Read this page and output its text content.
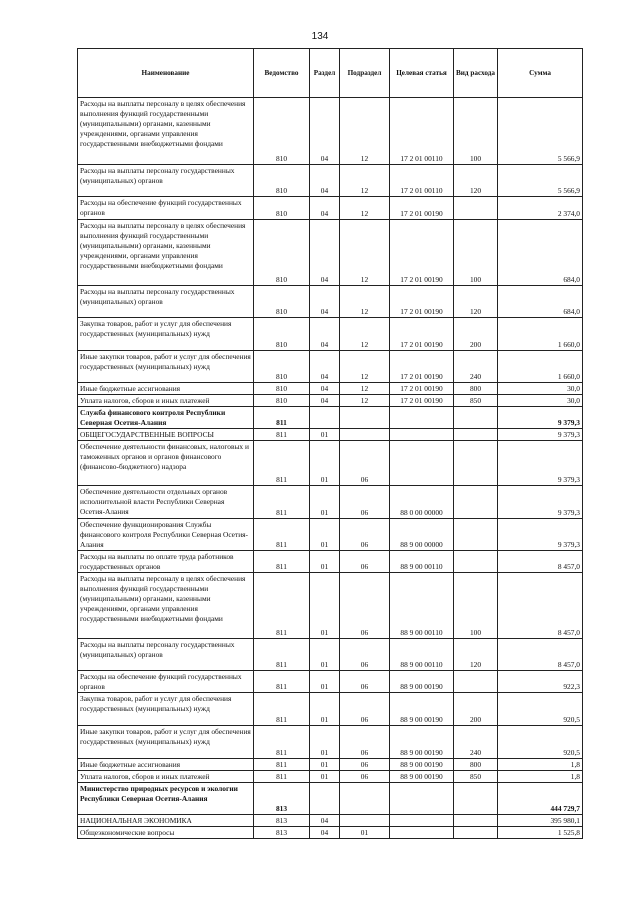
134
Наименование	Ведомство	Раздел	Подраздел	Целевая статья	Вид расхода	Сумма
Расходы на выплаты персоналу в целях обеспечения выполнения функций государственными (муниципальными) органами, казенными учреждениями, органами управления государственными внебюджетными фондами	810	04	12	17 2 01 00110	100	5 566,9
Расходы на выплаты персоналу государственных (муниципальных) органов	810	04	12	17 2 01 00110	120	5 566,9
Расходы на обеспечение функций государственных органов	810	04	12	17 2 01 00190		2 374,0
Расходы на выплаты персоналу в целях обеспечения выполнения функций государственными (муниципальными) органами, казенными учреждениями, органами управления государственными внебюджетными фондами	810	04	12	17 2 01 00190	100	684,0
Расходы на выплаты персоналу государственных (муниципальных) органов	810	04	12	17 2 01 00190	120	684,0
Закупка товаров, работ и услуг для обеспечения государственных (муниципальных) нужд	810	04	12	17 2 01 00190	200	1 660,0
Иные закупки товаров, работ и услуг для обеспечения государственных (муниципальных) нужд	810	04	12	17 2 01 00190	240	1 660,0
Иные бюджетные ассигнования	810	04	12	17 2 01 00190	800	30,0
Уплата налогов, сборов и иных платежей	810	04	12	17 2 01 00190	850	30,0
Служба финансового контроля Республики Северная Осетия-Алания	811					9 379,3
ОБЩЕГОСУДАРСТВЕННЫЕ ВОПРОСЫ	811	01				9 379,3
Обеспечение деятельности финансовых, налоговых и таможенных органов и органов финансового (финансово-бюджетного) надзора	811	01	06			9 379,3
Обеспечение деятельности отдельных органов исполнительной власти Республики Северная Осетия-Алания	811	01	06	88 0 00 00000		9 379,3
Обеспечение функционирования Службы финансового контроля Республики Северная Осетия-Алания	811	01	06	88 9 00 00000		9 379,3
Расходы на выплаты по оплате труда работников государственных органов	811	01	06	88 9 00 00110		8 457,0
Расходы на выплаты персоналу в целях обеспечения выполнения функций государственными (муниципальными) органами, казенными учреждениями, органами управления государственными внебюджетными фондами	811	01	06	88 9 00 00110	100	8 457,0
Расходы на выплаты персоналу государственных (муниципальных) органов	811	01	06	88 9 00 00110	120	8 457,0
Расходы на обеспечение функций государственных органов	811	01	06	88 9 00 00190		922,3
Закупка товаров, работ и услуг для обеспечения государственных (муниципальных) нужд	811	01	06	88 9 00 00190	200	920,5
Иные закупки товаров, работ и услуг для обеспечения государственных (муниципальных) нужд	811	01	06	88 9 00 00190	240	920,5
Иные бюджетные ассигнования	811	01	06	88 9 00 00190	800	1,8
Уплата налогов, сборов и иных платежей	811	01	06	88 9 00 00190	850	1,8
Министерство природных ресурсов и экологии Республики Северная Осетия-Алания	813					444 729,7
НАЦИОНАЛЬНАЯ ЭКОНОМИКА	813	04				395 980,1
Общеэкономические вопросы	813	04	01			1 525,8
